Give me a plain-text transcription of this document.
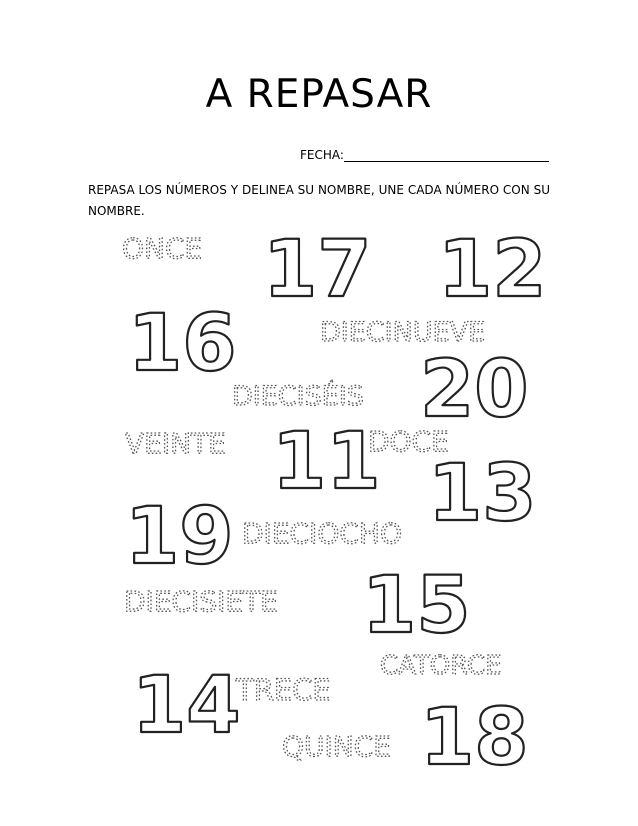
A REPASAR
FECHA:
REPASA LOS NÚMEROS Y DELINEA SU NOMBRE, UNE CADA NÚMERO CON SU NOMBRE.
ONCE
DIECINUEVE
DIECISÉIS
VEINTE	DOCE
DIECIOCHO
DIECISIETE
CATORCE
TRECE
QUINCE
17 12
16
20
11 13
19
15
14 18
